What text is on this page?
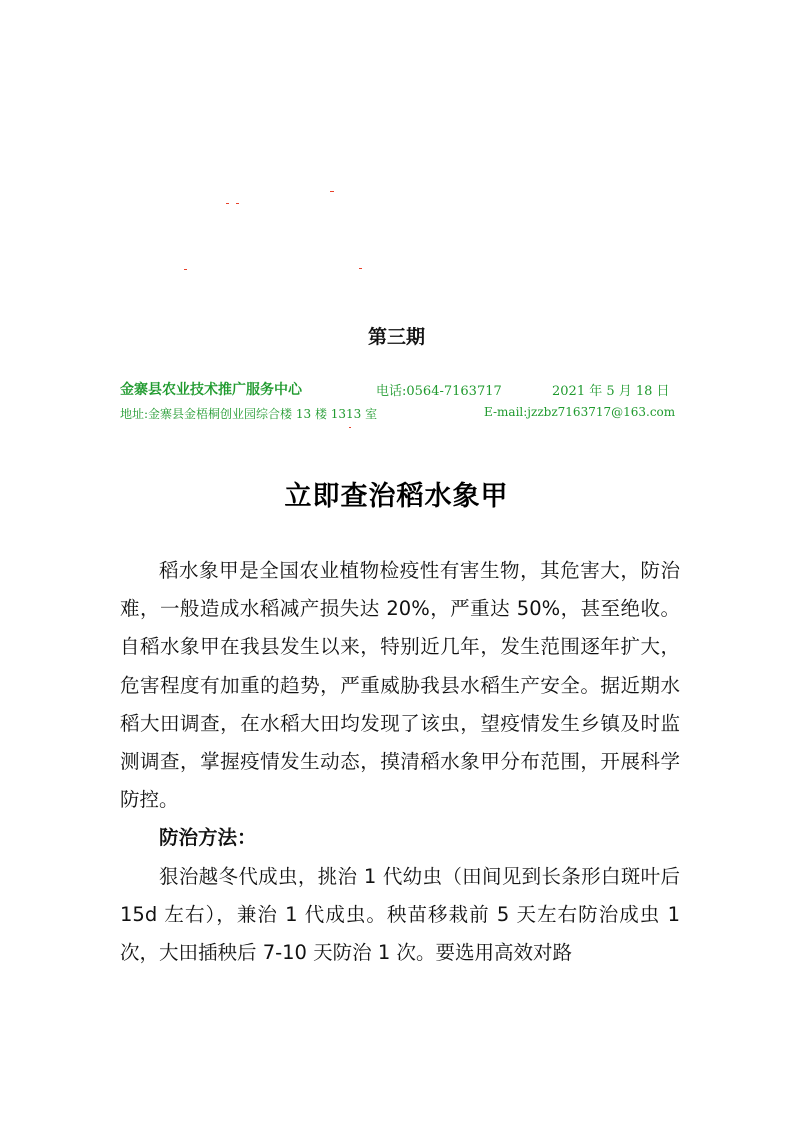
第三期
金寨县农业技术推广服务中心	电话:0564-7163717	2021 年 5 月 18 日
地址:金寨县金梧桐创业园综合楼 13 楼 1313 室	E-mail:jzzbz7163717@163.com
立即查治稻水象甲

稻水象甲是全国农业植物检疫性有害生物，其危害大，防治难，一般造成水稻减产损失达 20%，严重达 50%，甚至绝收。自稻水象甲在我县发生以来，特别近几年，发生范围逐年扩大，危害程度有加重的趋势，严重威胁我县水稻生产安全。据近期水稻大田调查，在水稻大田均发现了该虫，望疫情发生乡镇及时监测调查，掌握疫情发生动态，摸清稻水象甲分布范围，开展科学防控。

防治方法：

狠治越冬代成虫，挑治 1 代幼虫（田间见到长条形白斑叶后 15d 左右），兼治 1 代成虫。秧苗移栽前 5 天左右防治成虫 1 次，大田插秧后 7-10 天防治 1 次。要选用高效对路
